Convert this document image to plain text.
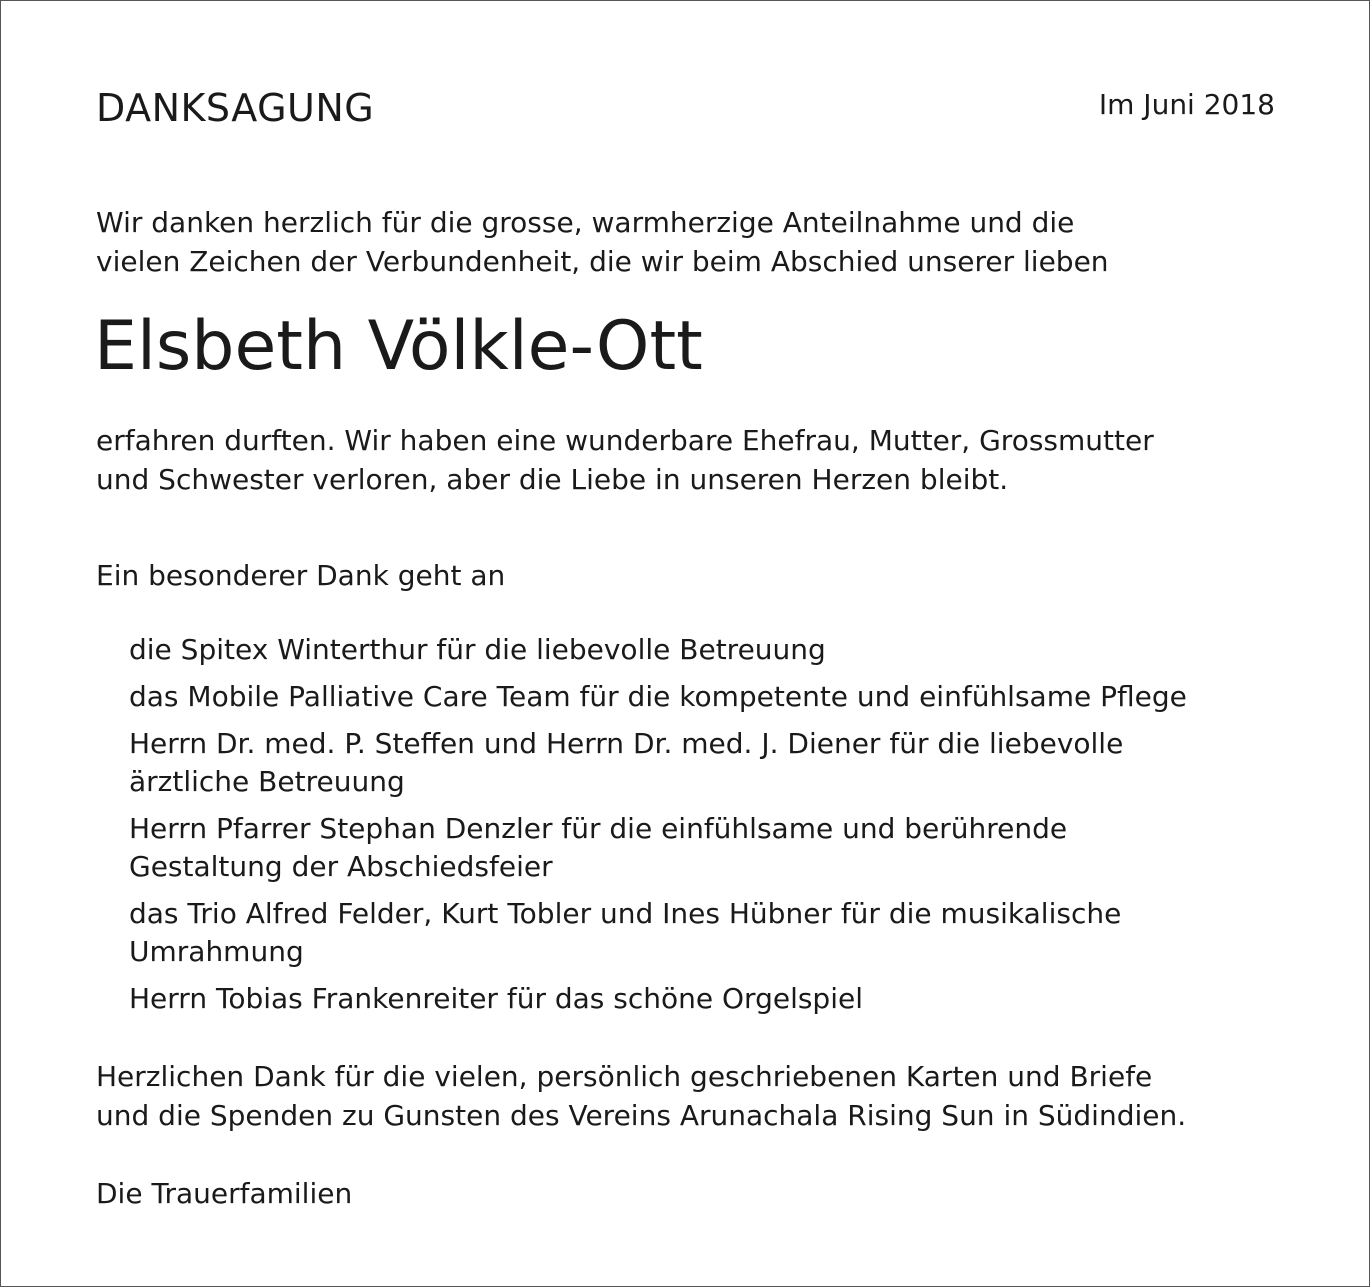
DANKSAGUNG	Im Juni 2018
Wir danken herzlich für die grosse, warmherzige Anteilnahme und die
vielen Zeichen der Verbundenheit, die wir beim Abschied unserer lieben
Elsbeth Völkle-Ott
erfahren durften. Wir haben eine wunderbare Ehefrau, Mutter, Grossmutter
und Schwester verloren, aber die Liebe in unseren Herzen bleibt.
Ein besonderer Dank geht an
die Spitex Winterthur für die liebevolle Betreuung
das Mobile Palliative Care Team für die kompetente und einfühlsame Pflege
Herrn Dr. med. P. Steffen und Herrn Dr. med. J. Diener für die liebevolle
ärztliche Betreuung
Herrn Pfarrer Stephan Denzler für die einfühlsame und berührende
Gestaltung der Abschiedsfeier
das Trio Alfred Felder, Kurt Tobler und Ines Hübner für die musikalische
Umrahmung
Herrn Tobias Frankenreiter für das schöne Orgelspiel
Herzlichen Dank für die vielen, persönlich geschriebenen Karten und Briefe
und die Spenden zu Gunsten des Vereins Arunachala Rising Sun in Südindien.
Die Trauerfamilien
